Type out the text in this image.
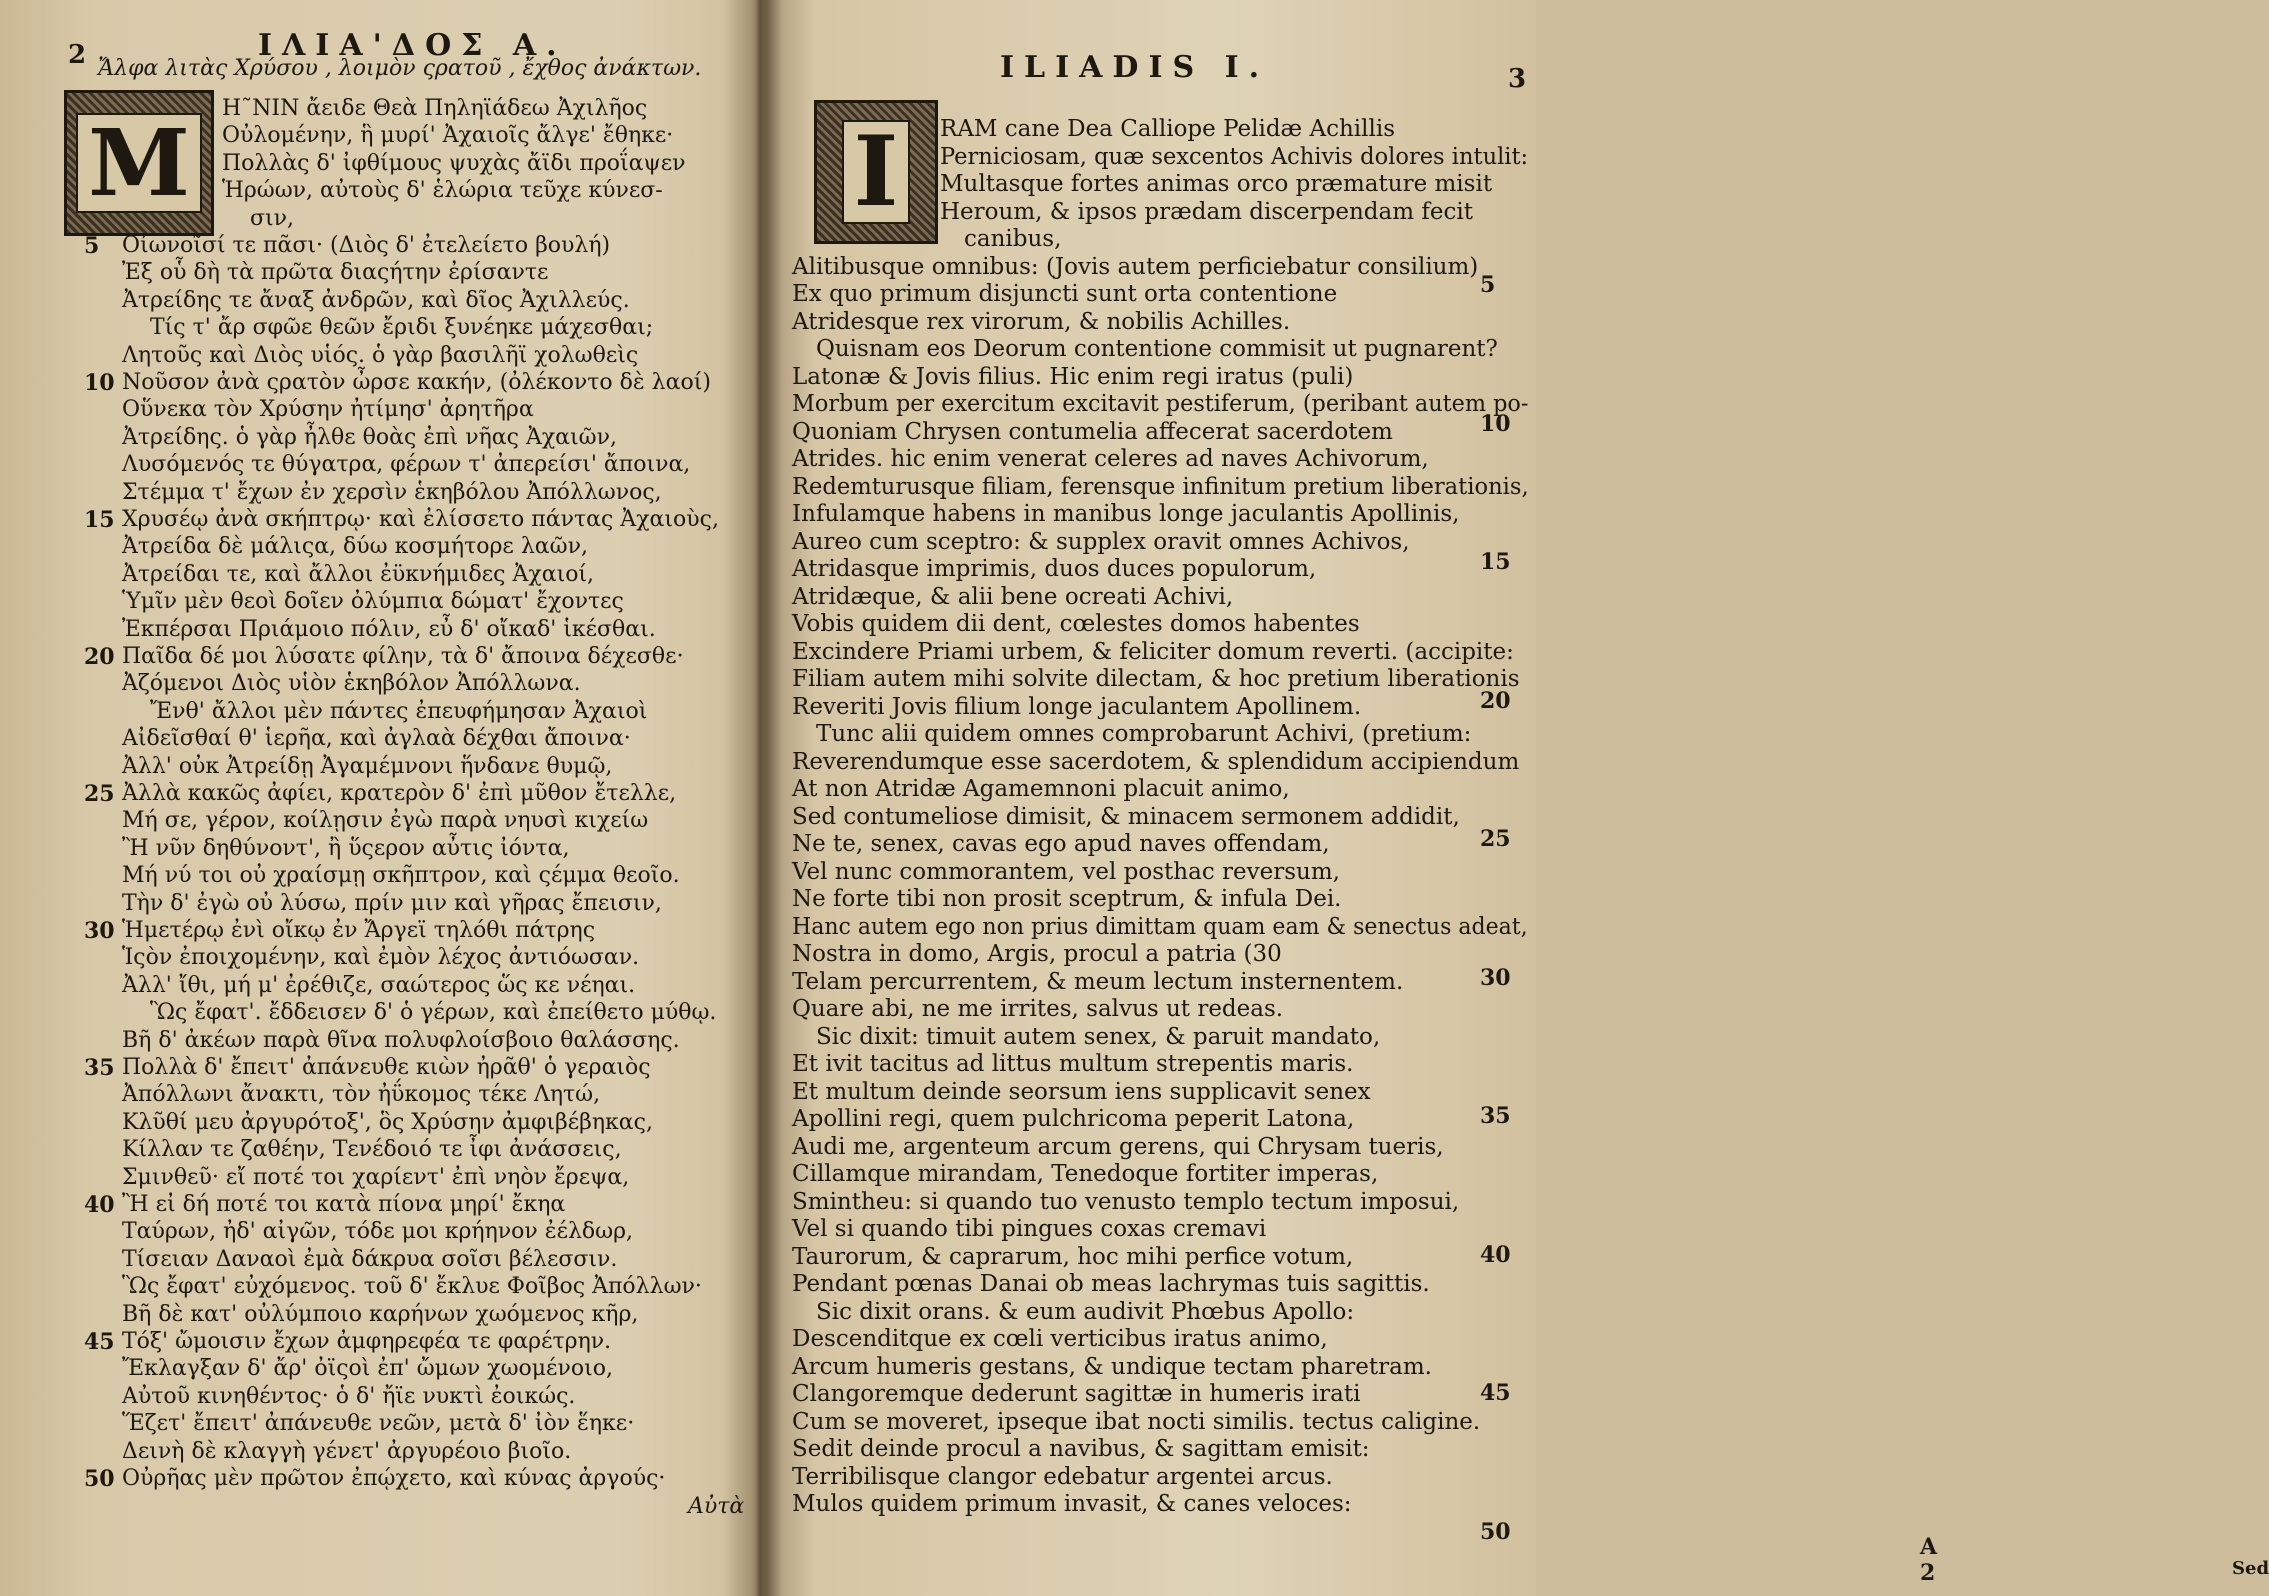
2	ΙΛΙΑ'ΔΟΣ Α.
Ἄλφα λιτὰς Χρύσου , λοιμὸν ςρατοῦ , ἔχθος ἀνάκτων.
M
Η˜ΝΙΝ ἄειδε Θεὰ Πηληϊάδεω Ἀχιλῆος
Οὐλομένην, ἣ μυρί' Ἀχαιοῖς ἄλγε' ἔθηκε·
Πολλὰς δ' ἰφθίμους ψυχὰς ἄϊδι προΐαψεν
Ἡρώων, αὐτοὺς δ' ἑλώρια τεῦχε κύνεσ-
σιν,
Οἰωνοῖσί τε πᾶσι· (Διὸς δ' ἐτελείετο βουλή)
Ἐξ οὗ δὴ τὰ πρῶτα διαςήτην ἐρίσαντε
Ἀτρείδης τε ἄναξ ἀνδρῶν, καὶ δῖος Ἀχιλλεύς.
Τίς τ' ἄρ σφῶε θεῶν ἔριδι ξυνέηκε μάχεσθαι;
Λητοῦς καὶ Διὸς υἱός. ὁ γὰρ βασιλῆϊ χολωθεὶς
Νοῦσον ἀνὰ ςρατὸν ὦρσε κακήν, (ὀλέκοντο δὲ λαοί)
Οὕνεκα τὸν Χρύσην ἠτίμησ' ἀρητῆρα
Ἀτρείδης. ὁ γὰρ ἦλθε θοὰς ἐπὶ νῆας Ἀχαιῶν,
Λυσόμενός τε θύγατρα, φέρων τ' ἀπερείσι' ἄποινα,
Στέμμα τ' ἔχων ἐν χερσὶν ἑκηβόλου Ἀπόλλωνος,
Χρυσέῳ ἀνὰ σκήπτρῳ· καὶ ἐλίσσετο πάντας Ἀχαιοὺς,
Ἀτρείδα δὲ μάλιςα, δύω κοσμήτορε λαῶν,
Ἀτρείδαι τε, καὶ ἄλλοι ἐϋκνήμιδες Ἀχαιοί,
Ὑμῖν μὲν θεοὶ δοῖεν ὀλύμπια δώματ' ἔχοντες
Ἐκπέρσαι Πριάμοιο πόλιν, εὖ δ' οἴκαδ' ἱκέσθαι.
Παῖδα δέ μοι λύσατε φίλην, τὰ δ' ἄποινα δέχεσθε·
Ἀζόμενοι Διὸς υἱὸν ἑκηβόλον Ἀπόλλωνα.
Ἔνθ' ἄλλοι μὲν πάντες ἐπευφήμησαν Ἀχαιοὶ
Αἰδεῖσθαί θ' ἱερῆα, καὶ ἀγλαὰ δέχθαι ἄποινα·
Ἀλλ' οὐκ Ἀτρείδῃ Ἀγαμέμνονι ἥνδανε θυμῷ,
Ἀλλὰ κακῶς ἀφίει, κρατερὸν δ' ἐπὶ μῦθον ἔτελλε,
Μή σε, γέρον, κοίλῃσιν ἐγὼ παρὰ νηυσὶ κιχείω
Ἢ νῦν δηθύνοντ', ἢ ὕςερον αὖτις ἰόντα,
Μή νύ τοι οὐ χραίσμῃ σκῆπτρον, καὶ ςέμμα θεοῖο.
Τὴν δ' ἐγὼ οὐ λύσω, πρίν μιν καὶ γῆρας ἔπεισιν,
Ἡμετέρῳ ἐνὶ οἴκῳ ἐν Ἄργεϊ τηλόθι πάτρης
Ἱςὸν ἐποιχομένην, καὶ ἐμὸν λέχος ἀντιόωσαν.
Ἀλλ' ἴθι, μή μ' ἐρέθιζε, σαώτερος ὥς κε νέηαι.
Ὣς ἔφατ'. ἔδδεισεν δ' ὁ γέρων, καὶ ἐπείθετο μύθῳ.
Βῆ δ' ἀκέων παρὰ θῖνα πολυφλοίσβοιο θαλάσσης.
Πολλὰ δ' ἔπειτ' ἀπάνευθε κιὼν ἠρᾶθ' ὁ γεραιὸς
Ἀπόλλωνι ἄνακτι, τὸν ἠΰκομος τέκε Λητώ,
Κλῦθί μευ ἀργυρότοξ', ὃς Χρύσην ἀμφιβέβηκας,
Κίλλαν τε ζαθέην, Τενέδοιό τε ἶφι ἀνάσσεις,
Σμινθεῦ· εἴ ποτέ τοι χαρίεντ' ἐπὶ νηὸν ἔρεψα,
Ἢ εἰ δή ποτέ τοι κατὰ πίονα μηρί' ἔκηα
Ταύρων, ἠδ' αἰγῶν, τόδε μοι κρήηνον ἐέλδωρ,
Τίσειαν Δαναοὶ ἐμὰ δάκρυα σοῖσι βέλεσσιν.
Ὣς ἔφατ' εὐχόμενος. τοῦ δ' ἔκλυε Φοῖβος Ἀπόλλων·
Βῆ δὲ κατ' οὐλύμποιο καρήνων χωόμενος κῆρ,
Τόξ' ὤμοισιν ἔχων ἀμφηρεφέα τε φαρέτρην.
Ἔκλαγξαν δ' ἄρ' ὀϊςοὶ ἐπ' ὤμων χωομένοιο,
Αὐτοῦ κινηθέντος· ὁ δ' ἤϊε νυκτὶ ἐοικώς.
Ἕζετ' ἔπειτ' ἀπάνευθε νεῶν, μετὰ δ' ἰὸν ἕηκε·
Δεινὴ δὲ κλαγγὴ γένετ' ἀργυρέοιο βιοῖο.
Οὐρῆας μὲν πρῶτον ἐπῴχετο, καὶ κύνας ἀργούς·
5
10
15
20
25
30
35
40
45
50
Αὐτὰ
ILIADIS I.	3
I	RAM cane Dea Calliope Pelidæ Achillis
Perniciosam, quæ sexcentos Achivis dolores intulit:
Multasque fortes animas orco præmature misit
Heroum, & ipsos prædam discerpendam fecit
canibus,
Alitibusque omnibus: (Jovis autem perficiebatur consilium)
Ex quo primum disjuncti sunt orta contentione
Atridesque rex virorum, & nobilis Achilles.
Quisnam eos Deorum contentione commisit ut pugnarent?
Latonæ & Jovis filius. Hic enim regi iratus (puli)
Morbum per exercitum excitavit pestiferum, (peribant autem po-
Quoniam Chrysen contumelia affecerat sacerdotem
Atrides. hic enim venerat celeres ad naves Achivorum,
Redemturusque filiam, ferensque infinitum pretium liberationis,
Infulamque habens in manibus longe jaculantis Apollinis,
Aureo cum sceptro: & supplex oravit omnes Achivos,
Atridasque imprimis, duos duces populorum,
Atridæque, & alii bene ocreati Achivi,
Vobis quidem dii dent, cœlestes domos habentes
Excindere Priami urbem, & feliciter domum reverti. (accipite:
Filiam autem mihi solvite dilectam, & hoc pretium liberationis
Reveriti Jovis filium longe jaculantem Apollinem.
Tunc alii quidem omnes comprobarunt Achivi, (pretium:
Reverendumque esse sacerdotem, & splendidum accipiendum
At non Atridæ Agamemnoni placuit animo,
Sed contumeliose dimisit, & minacem sermonem addidit,
Ne te, senex, cavas ego apud naves offendam,
Vel nunc commorantem, vel posthac reversum,
Ne forte tibi non prosit sceptrum, & infula Dei.
Hanc autem ego non prius dimittam quam eam & senectus adeat,
Nostra in domo, Argis, procul a patria (30
Telam percurrentem, & meum lectum insternentem.
Quare abi, ne me irrites, salvus ut redeas.
Sic dixit: timuit autem senex, & paruit mandato,
Et ivit tacitus ad littus multum strepentis maris.
Et multum deinde seorsum iens supplicavit senex
Apollini regi, quem pulchricoma peperit Latona,
Audi me, argenteum arcum gerens, qui Chrysam tueris,
Cillamque mirandam, Tenedoque fortiter imperas,
Smintheu: si quando tuo venusto templo tectum imposui,
Vel si quando tibi pingues coxas cremavi
Taurorum, & caprarum, hoc mihi perfice votum,
Pendant pœnas Danai ob meas lachrymas tuis sagittis.
Sic dixit orans. & eum audivit Phœbus Apollo:
Descenditque ex cœli verticibus iratus animo,
Arcum humeris gestans, & undique tectam pharetram.
Clangoremque dederunt sagittæ in humeris irati
Cum se moveret, ipseque ibat nocti similis. tectus caligine.
Sedit deinde procul a navibus, & sagittam emisit:
Terribilisque clangor edebatur argentei arcus.
Mulos quidem primum invasit, & canes veloces:
5
10
15
20
25
30
35
40
45
50
A 2	Sed
